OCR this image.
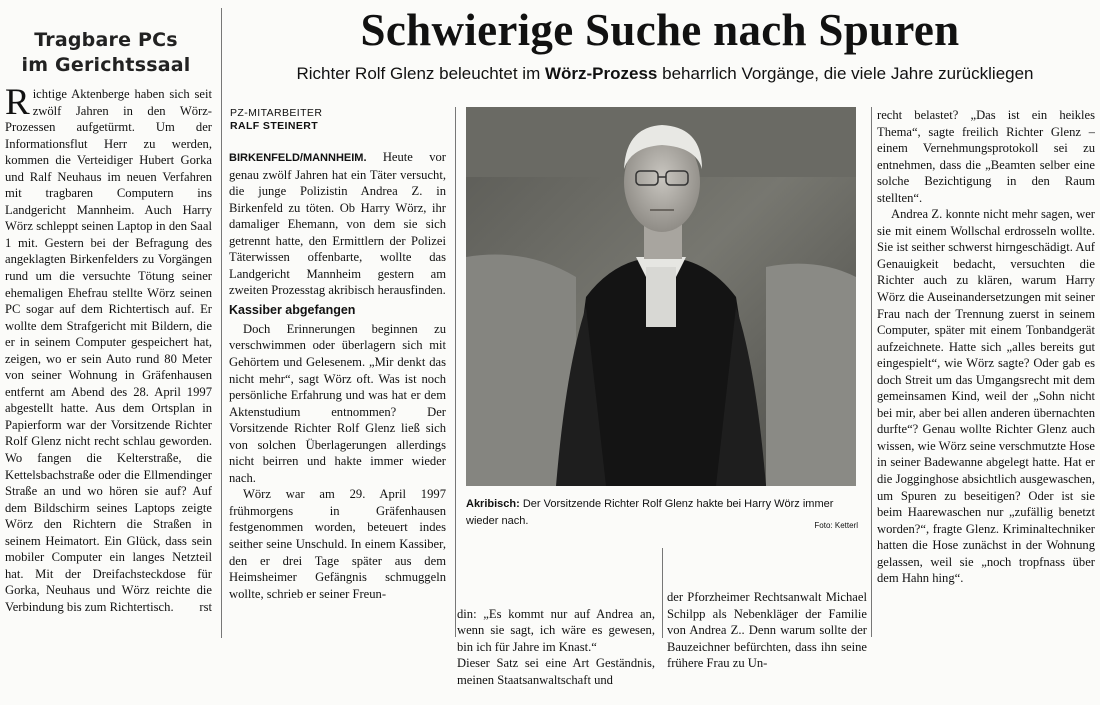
Tragbare PCs
im Gerichtssaal

Richtige Aktenberge haben sich seit zwölf Jahren in den Wörz-Prozessen aufgetürmt. Um der Informationsflut Herr zu werden, kommen die Verteidiger Hubert Gorka und Ralf Neuhaus im neuen Verfahren mit tragbaren Computern ins Landgericht Mannheim. Auch Harry Wörz schleppt seinen Laptop in den Saal 1 mit. Gestern bei der Befragung des angeklagten Birkenfelders zu Vorgängen rund um die versuchte Tötung seiner ehemaligen Ehefrau stellte Wörz seinen PC sogar auf dem Richtertisch auf. Er wollte dem Strafgericht mit Bildern, die er in seinem Computer gespeichert hat, zeigen, wo er sein Auto rund 80 Meter von seiner Wohnung in Gräfenhausen entfernt am Abend des 28. April 1997 abgestellt hatte. Aus dem Ortsplan in Papierform war der Vorsitzende Richter Rolf Glenz nicht recht schlau geworden. Wo fangen die Kelterstraße, die Kettelsbachstraße oder die Ellmendinger Straße an und wo hören sie auf? Auf dem Bildschirm seines Laptops zeigte Wörz den Richtern die Straßen in seinem Heimatort. Ein Glück, dass sein mobiler Computer ein langes Netzteil hat. Mit der Dreifachsteckdose für Gorka, Neuhaus und Wörz reichte die Verbindung bis zum Richtertisch. rst

Schwierige Suche nach Spuren
Richter Rolf Glenz beleuchtet im Wörz-Prozess beharrlich Vorgänge, die viele Jahre zurückliegen
PZ-MITARBEITER
RALF STEINERT

BIRKENFELD/MANNHEIM. Heute vor genau zwölf Jahren hat ein Täter versucht, die junge Polizistin Andrea Z. in Birkenfeld zu töten. Ob Harry Wörz, ihr damaliger Ehemann, von dem sie sich getrennt hatte, den Ermittlern der Polizei Täterwissen offenbarte, wollte das Landgericht Mannheim gestern am zweiten Prozesstag akribisch herausfinden.

Kassiber abgefangen

Doch Erinnerungen beginnen zu verschwimmen oder überlagern sich mit Gehörtem und Gelesenem. „Mir denkt das nicht mehr“, sagt Wörz oft. Was ist noch persönliche Erfahrung und was hat er dem Aktenstudium entnommen? Der Vorsitzende Richter Rolf Glenz ließ sich von solchen Überlagerungen allerdings nicht beirren und hakte immer wieder nach.

Wörz war am 29. April 1997 frühmorgens in Gräfenhausen festgenommen worden, beteuert indes seither seine Unschuld. In einem Kassiber, den er drei Tage später aus dem Heimsheimer Gefängnis schmuggeln wollte, schrieb er seiner Freun-

Akribisch: Der Vorsitzende Richter Rolf Glenz hakte bei Harry Wörz immer wieder nach.	Foto: Ketterl

din: „Es kommt nur auf Andrea an, wenn sie sagt, ich wäre es gewesen, bin ich für Jahre im Knast.“
Dieser Satz sei eine Art Geständnis, meinen Staatsanwaltschaft und

der Pforzheimer Rechtsanwalt Michael Schilpp als Nebenkläger der Familie von Andrea Z.. Denn warum sollte der Bauzeichner befürchten, dass ihn seine frühere Frau zu Un-

recht belastet? „Das ist ein heikles Thema“, sagte freilich Richter Glenz – einem Vernehmungsprotokoll sei zu entnehmen, dass die „Beamten selber eine solche Bezichtigung in den Raum stellten“.

Andrea Z. konnte nicht mehr sagen, wer sie mit einem Wollschal erdrosseln wollte. Sie ist seither schwerst hirngeschädigt. Auf Genauigkeit bedacht, versuchten die Richter auch zu klären, warum Harry Wörz die Auseinandersetzungen mit seiner Frau nach der Trennung zuerst in seinem Computer, später mit einem Tonbandgerät aufzeichnete. Hatte sich „alles bereits gut eingespielt“, wie Wörz sagte? Oder gab es doch Streit um das Umgangsrecht mit dem gemeinsamen Kind, weil der „Sohn nicht bei mir, aber bei allen anderen übernachten durfte“? Genau wollte Richter Glenz auch wissen, wie Wörz seine verschmutzte Hose in seiner Badewanne abgelegt hatte. Hat er die Jogginghose absichtlich ausgewaschen, um Spuren zu beseitigen? Oder ist sie beim Haarewaschen nur „zufällig benetzt worden?“, fragte Glenz. Kriminaltechniker hatten die Hose zunächst in der Wohnung gelassen, weil sie „noch tropfnass über dem Hahn hing“.
